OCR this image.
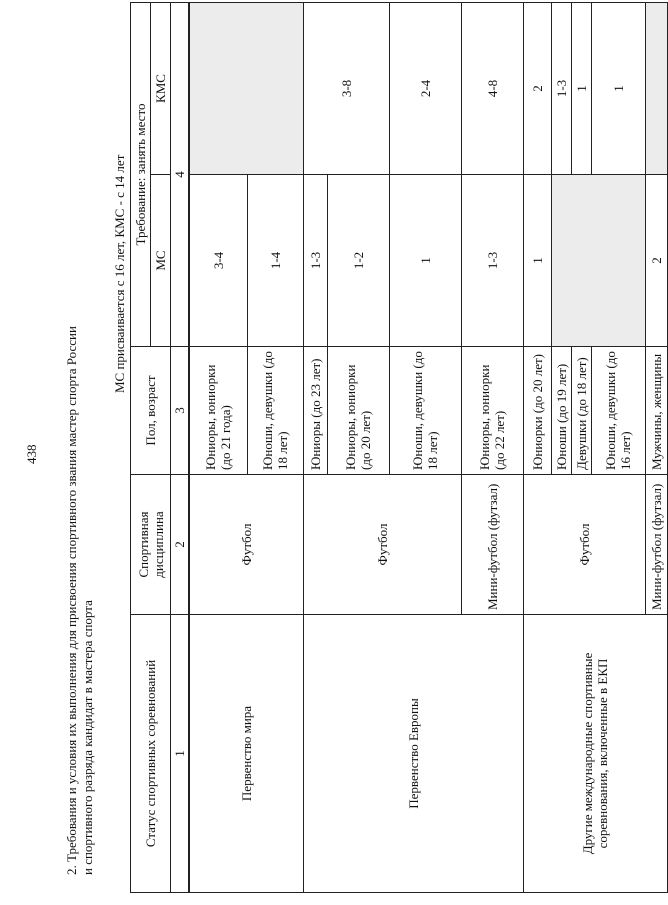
438 2. Требования и условия их выполнения для присвоения спортивного звания мастер спорта России и спортивного разряда кандидат в мастера спорта
МС присваивается с 16 лет, КМС - с 14 лет
Статус спортивных соревнований	Спортивная дисциплина	Пол, возраст	Требование: занять место	
			МС	КМС
1	2	3	4	
Первенство мира	Футбол	Юниоры, юниорки (до 21 года)	3-4	
		Юноши, девушки (до 18 лет)	1-4	
Первенство Европы	Футбол	Юниоры (до 23 лет)	1-3	3-8
		Юниоры, юниорки (до 20 лет)	1-2	
		Юноши, девушки (до 18 лет)	1	2-4
	Мини-футбол (футзал)	Юниоры, юниорки (до 22 лет)	1-3	4-8
Другие международные спортивные соревнования, включенные в ЕКП	Футбол	Юниорки (до 20 лет)	1	2
		Юноши (до 19 лет)		1-3
		Девушки (до 18 лет)		1
		Юноши, девушки (до 16 лет)		1
	Мини-футбол (футзал)	Мужчины, женщины	2	
